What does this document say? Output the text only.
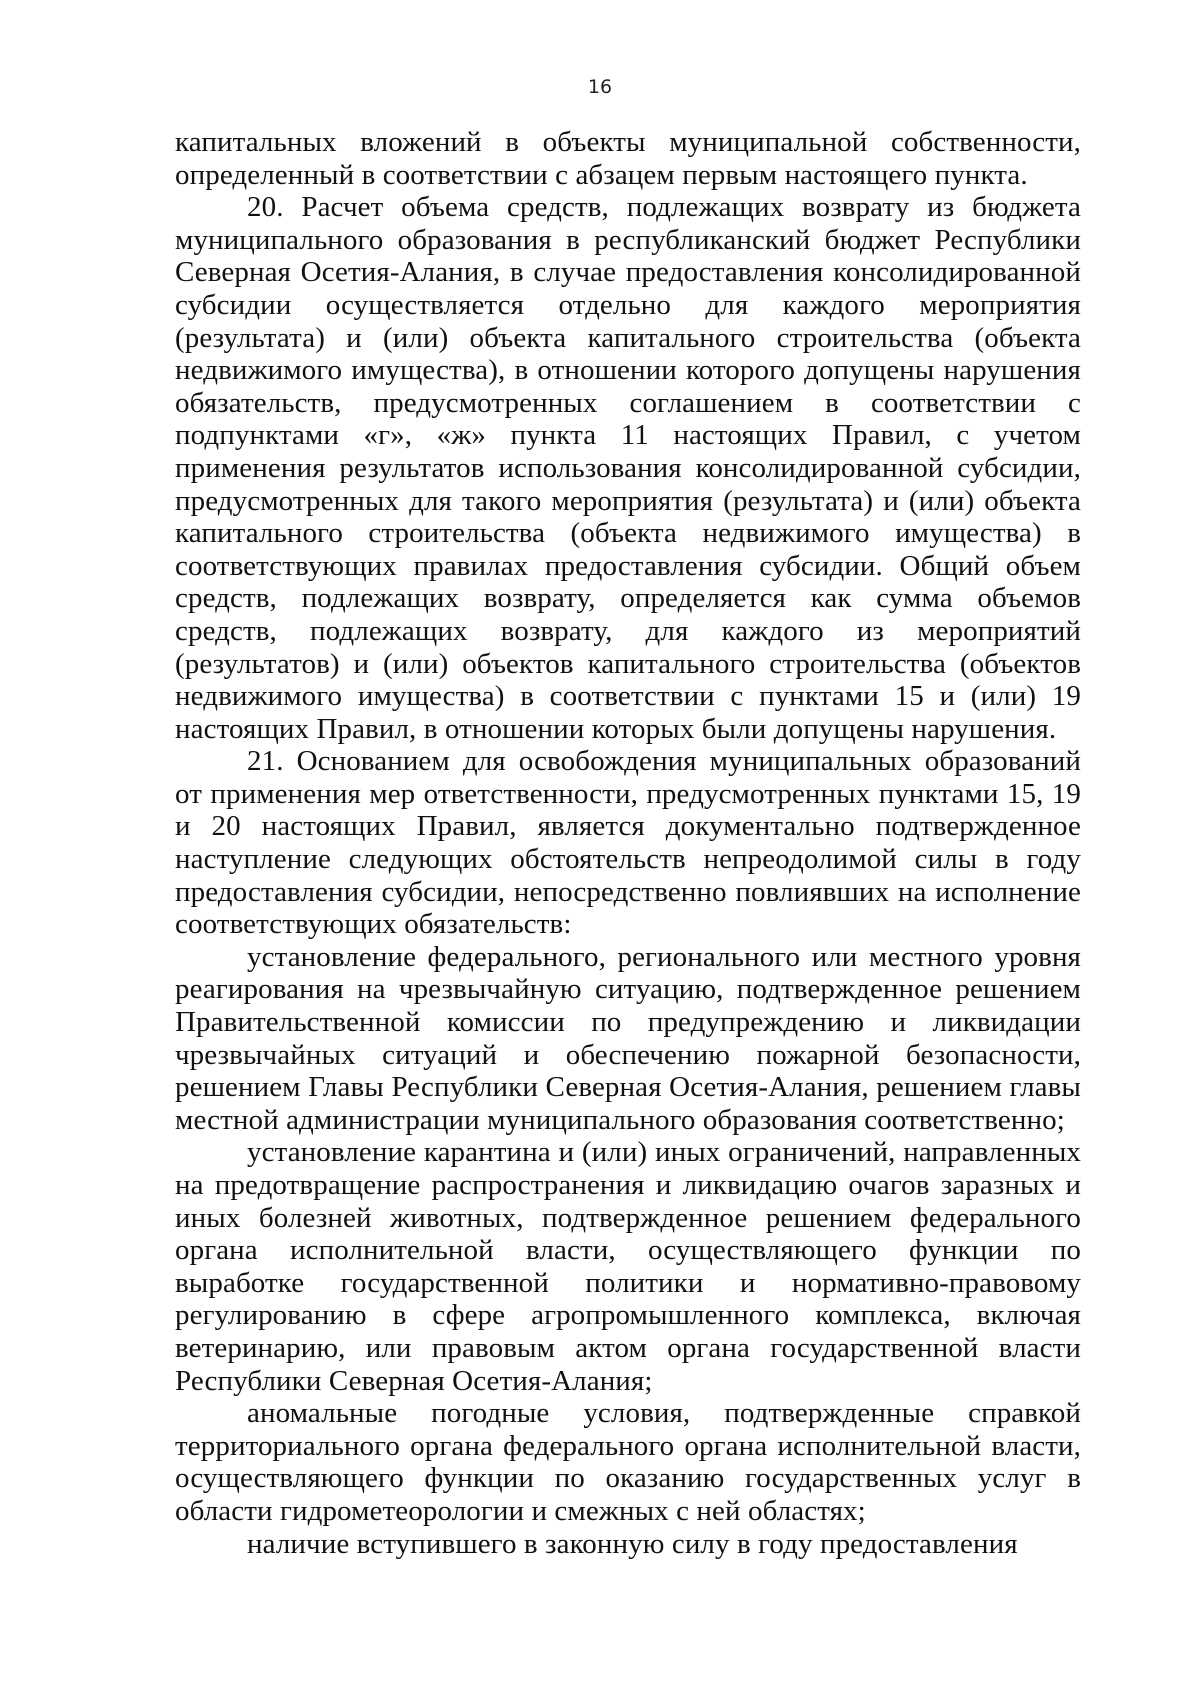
16

капитальных вложений в объекты муниципальной собственности, определенный в соответствии с абзацем первым настоящего пункта.

20. Расчет объема средств, подлежащих возврату из бюджета муниципального образования в республиканский бюджет Республики Северная Осетия-Алания, в случае предоставления консолидированной субсидии осуществляется отдельно для каждого мероприятия (результата) и (или) объекта капитального строительства (объекта недвижимого имущества), в отношении которого допущены нарушения обязательств, предусмотренных соглашением в соответствии с подпунктами «г», «ж» пункта 11 настоящих Правил, с учетом применения результатов использования консолидированной субсидии, предусмотренных для такого мероприятия (результата) и (или) объекта капитального строительства (объекта недвижимого имущества) в соответствующих правилах предоставления субсидии. Общий объем средств, подлежащих возврату, определяется как сумма объемов средств, подлежащих возврату, для каждого из мероприятий (результатов) и (или) объектов капитального строительства (объектов недвижимого имущества) в соответствии с пунктами 15 и (или) 19 настоящих Правил, в отношении которых были допущены нарушения.

21. Основанием для освобождения муниципальных образований от применения мер ответственности, предусмотренных пунктами 15, 19 и 20 настоящих Правил, является документально подтвержденное наступление следующих обстоятельств непреодолимой силы в году предоставления субсидии, непосредственно повлиявших на исполнение соответствующих обязательств:

установление федерального, регионального или местного уровня реагирования на чрезвычайную ситуацию, подтвержденное решением Правительственной комиссии по предупреждению и ликвидации чрезвычайных ситуаций и обеспечению пожарной безопасности, решением Главы Республики Северная Осетия-Алания, решением главы местной администрации муниципального образования соответственно;

установление карантина и (или) иных ограничений, направленных на предотвращение распространения и ликвидацию очагов заразных и иных болезней животных, подтвержденное решением федерального органа исполнительной власти, осуществляющего функции по выработке государственной политики и нормативно-правовому регулированию в сфере агропромышленного комплекса, включая ветеринарию, или правовым актом органа государственной власти Республики Северная Осетия-Алания;

аномальные погодные условия, подтвержденные справкой территориального органа федерального органа исполнительной власти, осуществляющего функции по оказанию государственных услуг в области гидрометеорологии и смежных с ней областях;

наличие вступившего в законную силу в году предоставления
